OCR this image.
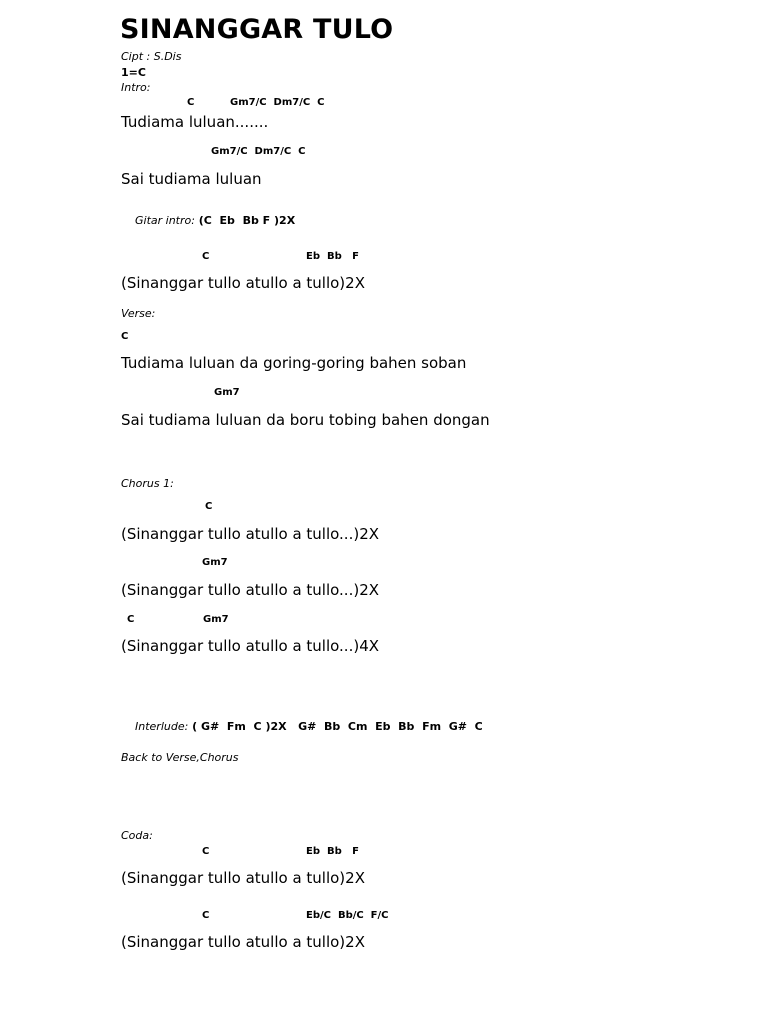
SINANGGAR TULO
Cipt : S.Dis
1=C
Intro:
C	Gm7/C  Dm7/C  C
Tudiama luluan.......
Gm7/C  Dm7/C  C
Sai tudiama luluan

Gitar intro: (C  Eb  Bb F )2X

C	Eb  Bb   F
(Sinanggar tullo atullo a tullo)2X
Verse:
C
Tudiama luluan da goring-goring bahen soban
Gm7
Sai tudiama luluan da boru tobing bahen dongan
Chorus 1:
C
(Sinanggar tullo atullo a tullo...)2X
Gm7
(Sinanggar tullo atullo a tullo...)2X
C	Gm7
(Sinanggar tullo atullo a tullo...)4X

Interlude: ( G#  Fm  C )2X   G#  Bb  Cm  Eb  Bb  Fm  G#  C

Back to Verse,Chorus
Coda:
C	Eb  Bb   F
(Sinanggar tullo atullo a tullo)2X
C	Eb/C  Bb/C  F/C
(Sinanggar tullo atullo a tullo)2X
